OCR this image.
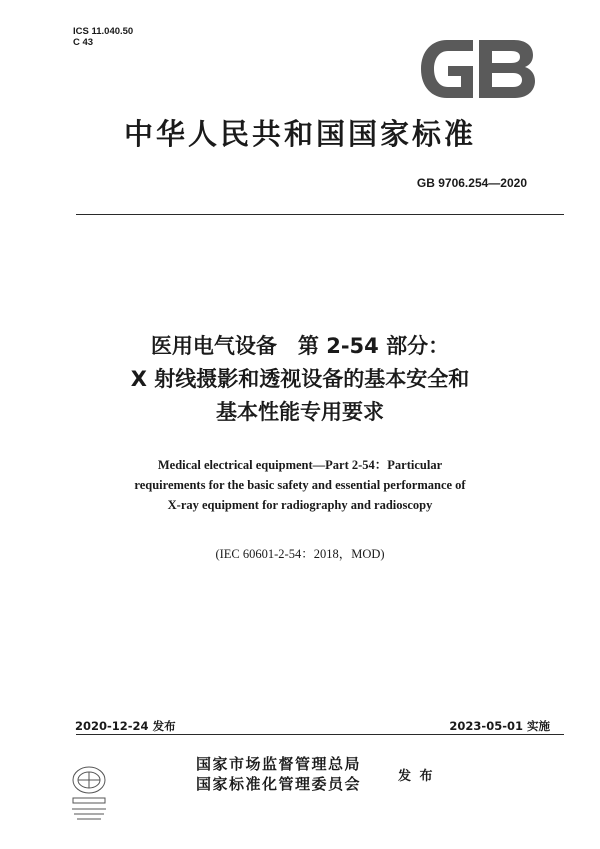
ICS 11.040.50
C 43
GB
中华人民共和国国家标准
GB 9706.254—2020
医用电气设备　第 2-54 部分：
X 射线摄影和透视设备的基本安全和
基本性能专用要求
Medical electrical equipment—Part 2-54：Particular
requirements for the basic safety and essential performance of
X-ray equipment for radiography and radioscopy
(IEC 60601-2-54：2018，MOD)
2020-12-24 发布	2023-05-01 实施
国家市场监督管理总局
国家标准化管理委员会	发 布
